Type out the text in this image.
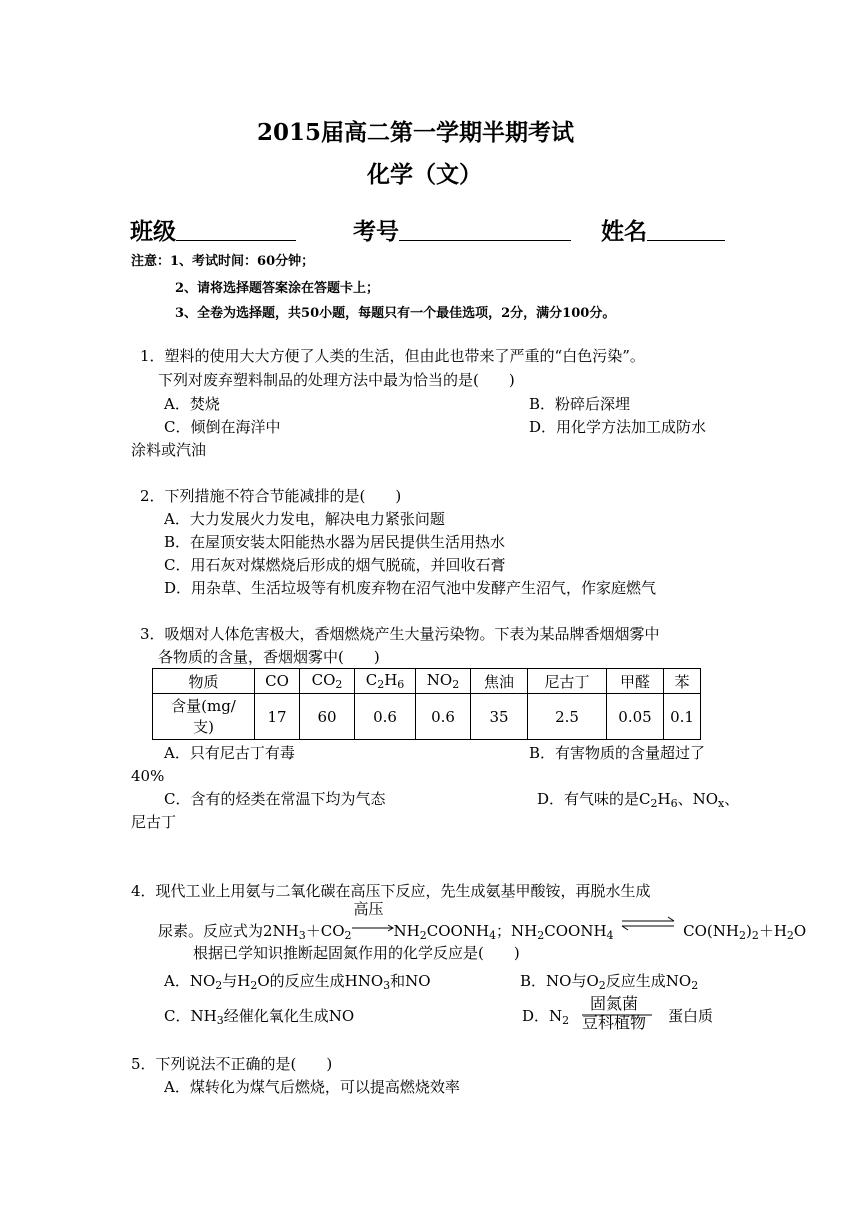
2015届高二第一学期半期考试
化学（文）
班级	考号	姓名
注意：1、考试时间：60分钟；
2、请将选择题答案涂在答题卡上；
3、全卷为选择题，共50小题，每题只有一个最佳选项，2分，满分100分。
1．塑料的使用大大方便了人类的生活，但由此也带来了严重的“白色污染”。
下列对废弃塑料制品的处理方法中最为恰当的是(　　)
A．焚烧	B．粉碎后深埋
C．倾倒在海洋中	D．用化学方法加工成防水
涂料或汽油
2．下列措施不符合节能减排的是(　　)
A．大力发展火力发电，解决电力紧张问题
B．在屋顶安装太阳能热水器为居民提供生活用热水
C．用石灰对煤燃烧后形成的烟气脱硫，并回收石膏
D．用杂草、生活垃圾等有机废弃物在沼气池中发酵产生沼气，作家庭燃气
3．吸烟对人体危害极大，香烟燃烧产生大量污染物。下表为某品牌香烟烟雾中
各物质的含量，香烟烟雾中(　　)
物质	CO	$CO_2$	$C_2H_6$	$NO_2$	焦油	尼古丁	甲醛	苯
含量(mg/
支)	17	60	0.6	0.6	35	2.5	0.05	0.1
A．只有尼古丁有毒	B．有害物质的含量超过了
40%
C．含有的烃类在常温下均为气态	D．有气味的是$C_2H_6$、$NO_x$、
尼古丁
4．现代工业上用氨与二氧化碳在高压下反应，先生成氨基甲酸铵，再脱水生成
尿素。反应式为$2NH_3+CO_2$
高压
$NH_2COONH_4$；$NH_2COONH_4$ ⇌ $CO(NH_2)_2+H_2O$
根据已学知识推断起固氮作用的化学反应是(　　)
A．$NO_2$与$H_2O$的反应生成$HNO_3$和NO	B．NO与$O_2$反应生成$NO_2$
C．$NH_3$经催化氧化生成NO	D．$N_2$
固氮菌
豆科植物 蛋白质
5．下列说法不正确的是(　　)
A．煤转化为煤气后燃烧，可以提高燃烧效率
